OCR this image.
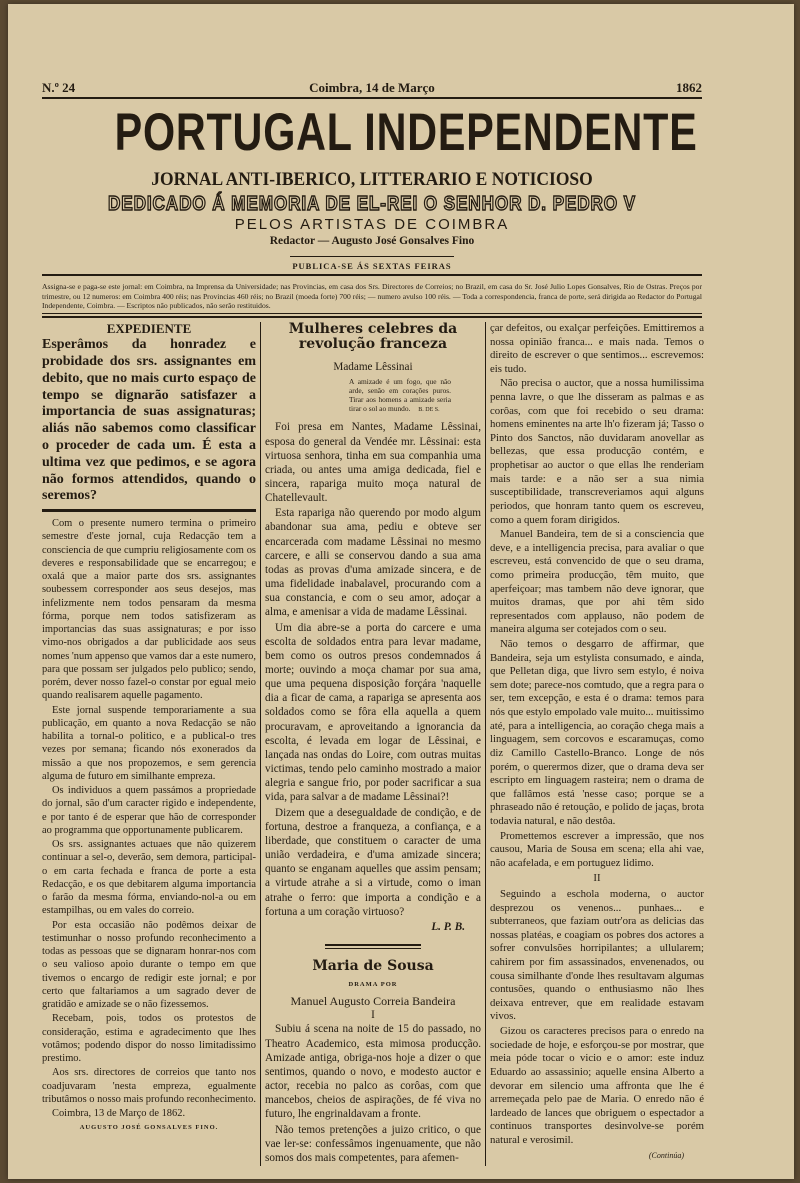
N.º 24	Coimbra, 14 de Março	1862
PORTUGAL INDEPENDENTE
JORNAL ANTI-IBERICO, LITTERARIO E NOTICIOSO
DEDICADO Á MEMORIA DE EL-REI O SENHOR D. PEDRO V
PELOS ARTISTAS DE COIMBRA
Redactor — Augusto José Gonsalves Fino
PUBLICA-SE ÁS SEXTAS FEIRAS
Assigna-se e paga-se este jornal: em Coimbra, na Imprensa da Universidade; nas Provincias, em casa dos Srs. Directores de Correios; no Brazil, em casa do Sr. José Julio Lopes Gonsalves, Rio de Ostras. Preços por trimestre, ou 12 numeros: em Coimbra 400 réis; nas Provincias 460 réis; no Brazil (moeda forte) 700 réis; — numero avulso 100 réis. — Toda a correspondencia, franca de porte, será dirigida ao Redactor do Portugal Independente, Coimbra. — Escriptos não publicados, não serão restituidos.
EXPEDIENTE
Esperâmos da honradez e probidade dos srs. assignantes em debito, que no mais curto espaço de tempo se dignarão satisfazer a importancia de suas assignaturas; aliás não sabemos como classificar o proceder de cada um. É esta a ultima vez que pedimos, e se agora não formos attendidos, quando o seremos?

Com o presente numero termina o primeiro semestre d'este jornal, cuja Redacção tem a consciencia de que cumpriu religiosamente com os deveres e responsabilidade que se encarregou; e oxalá que a maior parte dos srs. assignantes soubessem corresponder aos seus desejos, mas infelizmente nem todos pensaram da mesma fórma, porque nem todos satisfizeram as importancias das suas assignaturas; e por isso vimo-nos obrigados a dar publicidade aos seus nomes 'num appenso que vamos dar a este numero, para que possam ser julgados pelo publico; sendo, porém, dever nosso fazel-o constar por egual meio quando realisarem aquelle pagamento.

Este jornal suspende temporariamente a sua publicação, em quanto a nova Redacção se não habilita a tornal-o politico, e a publical-o tres vezes por semana; ficando nós exonerados da missão a que nos propozemos, e sem gerencia alguma de futuro em similhante empreza.

Os individuos a quem passámos a propriedade do jornal, são d'um caracter rigido e independente, e por tanto é de esperar que hão de corresponder ao programma que opportunamente publicarem.

Os srs. assignantes actuaes que não quizerem continuar a sel-o, deverão, sem demora, participal-o em carta fechada e franca de porte a esta Redacção, e os que debitarem alguma importancia o farão da mesma fórma, enviando-nol-a ou em estampilhas, ou em vales do correio.

Por esta occasião não podêmos deixar de testimunhar o nosso profundo reconhecimento a todas as pessoas que se dignaram honrar-nos com o seu valioso apoio durante o tempo em que tivemos o encargo de redigir este jornal; e por certo que faltariamos a um sagrado dever de gratidão e amizade se o não fizessemos.

Recebam, pois, todos os protestos de consideração, estima e agradecimento que lhes votâmos; podendo dispor do nosso limitadissimo prestimo.

Aos srs. directores de correios que tanto nos coadjuvaram 'nesta empreza, egualmente tributâmos o nosso mais profundo reconhecimento.

Coimbra, 13 de Março de 1862.

AUGUSTO JOSÉ GONSALVES FINO.
Mulheres celebres da revolução franceza
Madame Lêssinai
A amizade é um fogo, que não arde, senão em corações puros. Tirar aos homens a amizade seria tirar o sol ao mundo. B. DE S.

Foi presa em Nantes, Madame Lêssinai, esposa do general da Vendée mr. Lêssinai: esta virtuosa senhora, tinha em sua companhia uma criada, ou antes uma amiga dedicada, fiel e sincera, rapariga muito moça natural de Chatellevault.

Esta rapariga não querendo por modo algum abandonar sua ama, pediu e obteve ser encarcerada com madame Lêssinai no mesmo carcere, e alli se conservou dando a sua ama todas as provas d'uma amizade sincera, e de uma fidelidade inabalavel, procurando com a sua constancia, e com o seu amor, adoçar a alma, e amenisar a vida de madame Lêssinai.

Um dia abre-se a porta do carcere e uma escolta de soldados entra para levar madame, bem como os outros presos condemnados á morte; ouvindo a moça chamar por sua ama, que uma pequena disposição forçára 'naquelle dia a ficar de cama, a rapariga se apresenta aos soldados como se fôra ella aquella a quem procuravam, e aproveitando a ignorancia da escolta, é levada em logar de Lêssinai, e lançada nas ondas do Loire, com outras muitas victimas, tendo pelo caminho mostrado a maior alegria e sangue frio, por poder sacrificar a sua vida, para salvar a de madame Lêssinai?!

Dizem que a desegualdade de condição, e de fortuna, destroe a franqueza, a confiança, e a liberdade, que constituem o caracter de uma união verdadeira, e d'uma amizade sincera; quanto se enganam aquelles que assim pensam; a virtude atrahe a si a virtude, como o iman atrahe o ferro: que importa a condição e a fortuna a um coração virtuoso?

L. P. B.
Maria de Sousa
DRAMA POR
Manuel Augusto Correia Bandeira
I

Subiu á scena na noite de 15 do passado, no Theatro Academico, esta mimosa producção. Amizade antiga, obriga-nos hoje a dizer o que sentimos, quando o novo, e modesto auctor e actor, recebia no palco as corôas, com que mancebos, cheios de aspirações, de fé viva no futuro, lhe engrinaldavam a fronte.

Não temos pretenções a juizo critico, o que vae ler-se: confessâmos ingenuamente, que não somos dos mais competentes, para afemen-

çar defeitos, ou exalçar perfeições. Emittiremos a nossa opinião franca... e mais nada. Temos o direito de escrever o que sentimos... escrevemos: eis tudo.

Não precisa o auctor, que a nossa humilissima penna lavre, o que lhe disseram as palmas e as corôas, com que foi recebido o seu drama: homens eminentes na arte lh'o fizeram já; Tasso o Pinto dos Sanctos, não duvidaram anovellar as bellezas, que essa producção contém, e prophetisar ao auctor o que ellas lhe renderiam mais tarde: e a não ser a sua nimia susceptibilidade, transcreveriamos aqui alguns periodos, que honram tanto quem os escreveu, como a quem foram dirigidos.

Manuel Bandeira, tem de si a consciencia que deve, e a intelligencia precisa, para avaliar o que escreveu, está convencido de que o seu drama, como primeira producção, têm muito, que aperfeiçoar; mas tambem não deve ignorar, que muitos dramas, que por ahi têm sido representados com applauso, não podem de maneira alguma ser cotejados com o seu.

Não temos o desgarro de affirmar, que Bandeira, seja um estylista consumado, e ainda, que Pelletan diga, que livro sem estylo, é noiva sem dote; parece-nos comtudo, que a regra para o ser, tem excepção, e esta é o drama: temos para nós que estylo empolado vale muito... muitissimo até, para a intelligencia, ao coração chega mais a linguagem, sem corcovos e escaramuças, como diz Camillo Castello-Branco. Longe de nós porém, o querermos dizer, que o drama deva ser escripto em linguagem rasteira; nem o drama de que fallâmos está 'nesse caso; porque se a phraseado não é retouçâo, e polido de jaças, brota todavia natural, e não destôa.

Promettemos escrever a impressão, que nos causou, Maria de Sousa em scena; ella ahi vae, não acafelada, e em portuguez lidimo.

II

Seguindo a eschola moderna, o auctor desprezou os venenos... punhaes... e subterraneos, que faziam outr'ora as delicias das nossas platéas, e coagiam os pobres dos actores a sofrer convulsões horripilantes; a ullularem; cahirem por fim assassinados, envenenados, ou cousa similhante d'onde lhes resultavam algumas contusões, quando o enthusiasmo não lhes deixava entrever, que em realidade estavam vivos.

Gizou os caracteres precisos para o enredo na sociedade de hoje, e esforçou-se por mostrar, que meia póde tocar o vicio e o amor: este induz Eduardo ao assassinio; aquelle ensina Alberto a devorar em silencio uma affronta que lhe é arremeçada pelo pae de Maria. O enredo não é lardeado de lances que obriguem o espectador a continuos transportes desinvolve-se porém natural e verosimil.

(Continúa)
